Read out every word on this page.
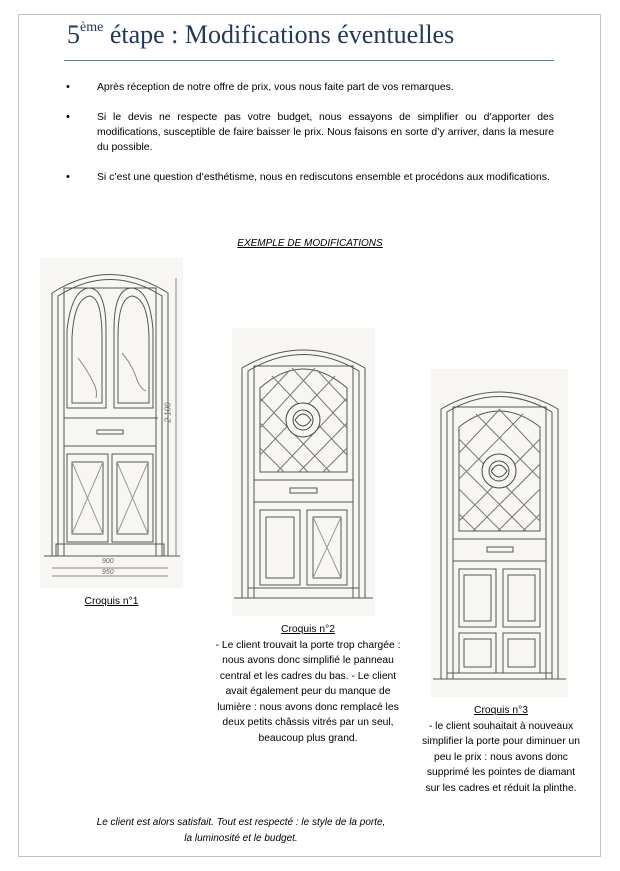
5ème étape : Modifications éventuelles
• Après réception de notre offre de prix, vous nous faite part de vos remarques.
• Si le devis ne respecte pas votre budget, nous essayons de simplifier ou d’apporter des modifications, susceptible de faire baisser le prix. Nous faisons en sorte d’y arriver, dans la mesure du possible.
• Si c’est une question d’esthétisme, nous en rediscutons ensemble et procédons aux modifications.
EXEMPLE DE MODIFICATIONS
2 100
900
950
Croquis n°1
Croquis n°2
- Le client trouvait la porte trop chargée : nous avons donc simplifié le panneau central et les cadres du bas. - Le client avait également peur du manque de lumière : nous avons donc remplacé les deux petits châssis vitrés par un seul, beaucoup plus grand.
Croquis n°3
- le client souhaitait à nouveaux simplifier la porte pour diminuer un peu le prix : nous avons donc supprimé les pointes de diamant sur les cadres et réduit la plinthe.
Le client est alors satisfait. Tout est respecté : le style de la porte, la luminosité et le budget.
